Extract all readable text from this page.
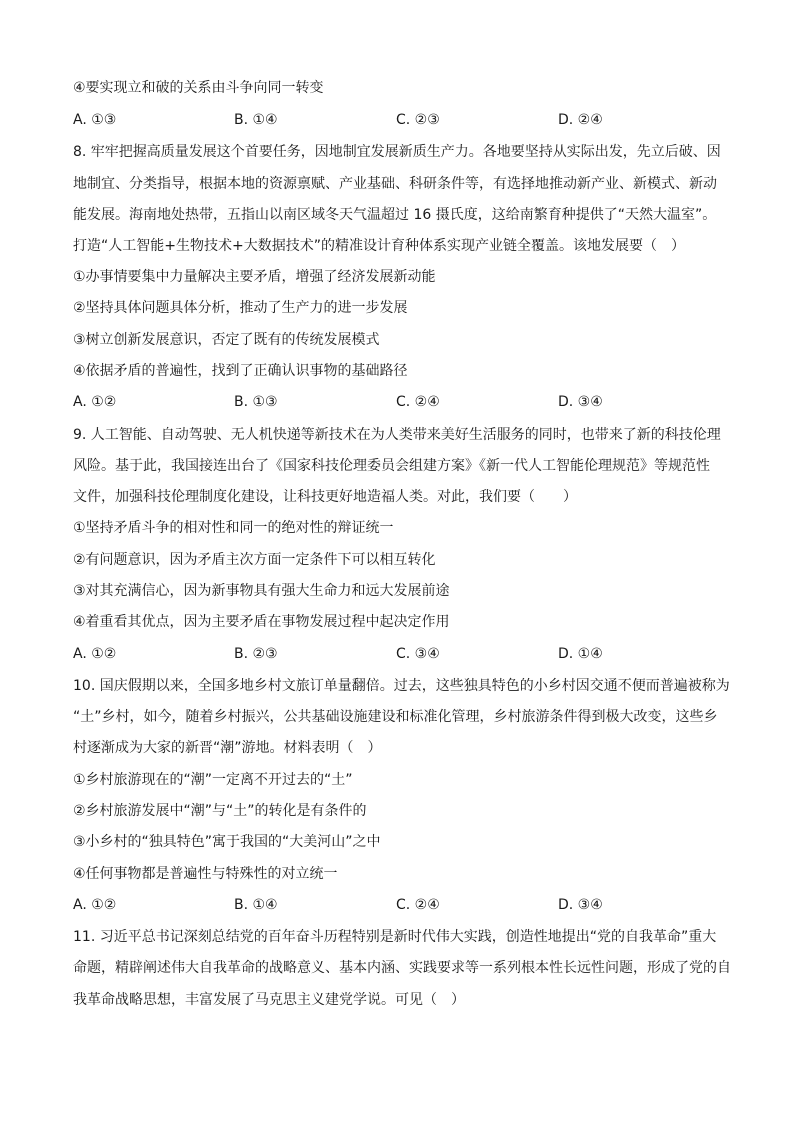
④要实现立和破的关系由斗争向同一转变
A. ①③	B. ①④	C. ②③	D. ②④
8. 牢牢把握高质量发展这个首要任务，因地制宜发展新质生产力。各地要坚持从实际出发，先立后破、因
地制宜、分类指导，根据本地的资源禀赋、产业基础、科研条件等，有选择地推动新产业、新模式、新动
能发展。海南地处热带，五指山以南区域冬天气温超过 16 摄氏度，这给南繁育种提供了“天然大温室”。
打造“人工智能+生物技术+大数据技术”的精准设计育种体系实现产业链全覆盖。该地发展要（　）
①办事情要集中力量解决主要矛盾，增强了经济发展新动能
②坚持具体问题具体分析，推动了生产力的进一步发展
③树立创新发展意识，否定了既有的传统发展模式
④依据矛盾的普遍性，找到了正确认识事物的基础路径
A. ①②	B. ①③	C. ②④	D. ③④
9. 人工智能、自动驾驶、无人机快递等新技术在为人类带来美好生活服务的同时，也带来了新的科技伦理
风险。基于此，我国接连出台了《国家科技伦理委员会组建方案》《新一代人工智能伦理规范》等规范性
文件，加强科技伦理制度化建设，让科技更好地造福人类。对此，我们要（　　）
①坚持矛盾斗争的相对性和同一的绝对性的辩证统一
②有问题意识，因为矛盾主次方面一定条件下可以相互转化
③对其充满信心，因为新事物具有强大生命力和远大发展前途
④着重看其优点，因为主要矛盾在事物发展过程中起决定作用
A. ①②	B. ②③	C. ③④	D. ①④
10. 国庆假期以来，全国多地乡村文旅订单量翻倍。过去，这些独具特色的小乡村因交通不便而普遍被称为
“土”乡村，如今，随着乡村振兴，公共基础设施建设和标准化管理，乡村旅游条件得到极大改变，这些乡
村逐渐成为大家的新晋“潮”游地。材料表明（　）
①乡村旅游现在的“潮”一定离不开过去的“土”
②乡村旅游发展中“潮”与“土”的转化是有条件的
③小乡村的“独具特色”寓于我国的“大美河山”之中
④任何事物都是普遍性与特殊性的对立统一
A. ①②	B. ①④	C. ②④	D. ③④
11. 习近平总书记深刻总结党的百年奋斗历程特别是新时代伟大实践，创造性地提出“党的自我革命”重大
命题，精辟阐述伟大自我革命的战略意义、基本内涵、实践要求等一系列根本性长远性问题，形成了党的自
我革命战略思想，丰富发展了马克思主义建党学说。可见（　）
